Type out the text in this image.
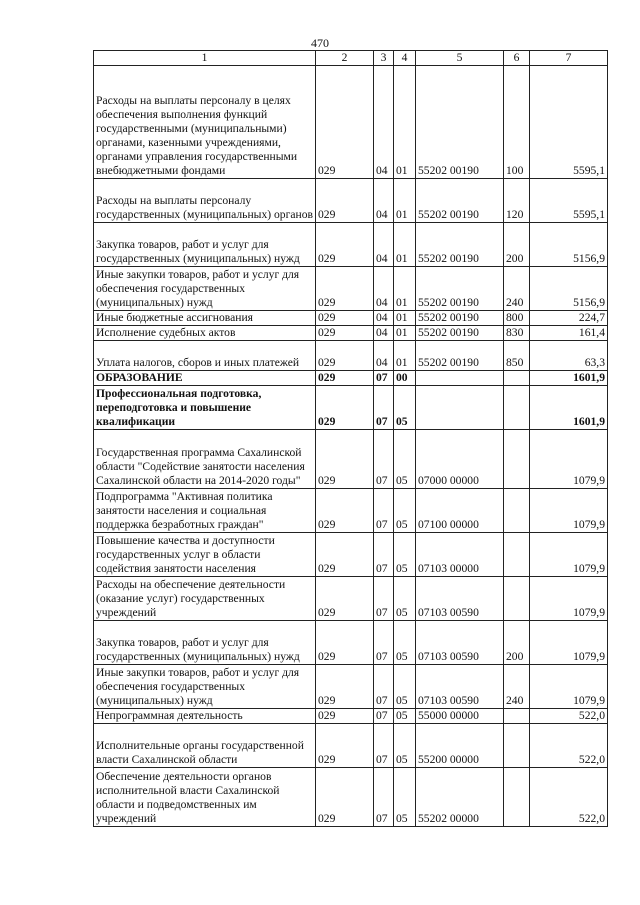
470
1	2	3	4	5	6	7
Расходы на выплаты персоналу в целях обеспечения выполнения функций государственными (муниципальными) органами, казенными учреждениями, органами управления государственными внебюджетными фондами	029	04	01	55202 00190	100	5595,1
Расходы на выплаты персоналу государственных (муниципальных) органов	029	04	01	55202 00190	120	5595,1
Закупка товаров, работ и услуг для государственных (муниципальных) нужд	029	04	01	55202 00190	200	5156,9
Иные закупки товаров, работ и услуг для обеспечения государственных (муниципальных) нужд	029	04	01	55202 00190	240	5156,9
Иные бюджетные ассигнования	029	04	01	55202 00190	800	224,7
Исполнение судебных актов	029	04	01	55202 00190	830	161,4
Уплата налогов, сборов и иных платежей	029	04	01	55202 00190	850	63,3
ОБРАЗОВАНИЕ	029	07	00			1601,9
Профессиональная подготовка, переподготовка и повышение квалификации	029	07	05			1601,9
Государственная программа Сахалинской области "Содействие занятости населения Сахалинской области на 2014-2020 годы"	029	07	05	07000 00000		1079,9
Подпрограмма "Активная политика занятости населения и социальная поддержка безработных граждан"	029	07	05	07100 00000		1079,9
Повышение качества и доступности государственных услуг в области содействия занятости населения	029	07	05	07103 00000		1079,9
Расходы на обеспечение деятельности (оказание услуг) государственных учреждений	029	07	05	07103 00590		1079,9
Закупка товаров, работ и услуг для государственных (муниципальных) нужд	029	07	05	07103 00590	200	1079,9
Иные закупки товаров, работ и услуг для обеспечения государственных (муниципальных) нужд	029	07	05	07103 00590	240	1079,9
Непрограммная деятельность	029	07	05	55000 00000		522,0
Исполнительные органы государственной власти Сахалинской области	029	07	05	55200 00000		522,0
Обеспечение деятельности органов исполнительной власти Сахалинской области и подведомственных им учреждений	029	07	05	55202 00000		522,0
